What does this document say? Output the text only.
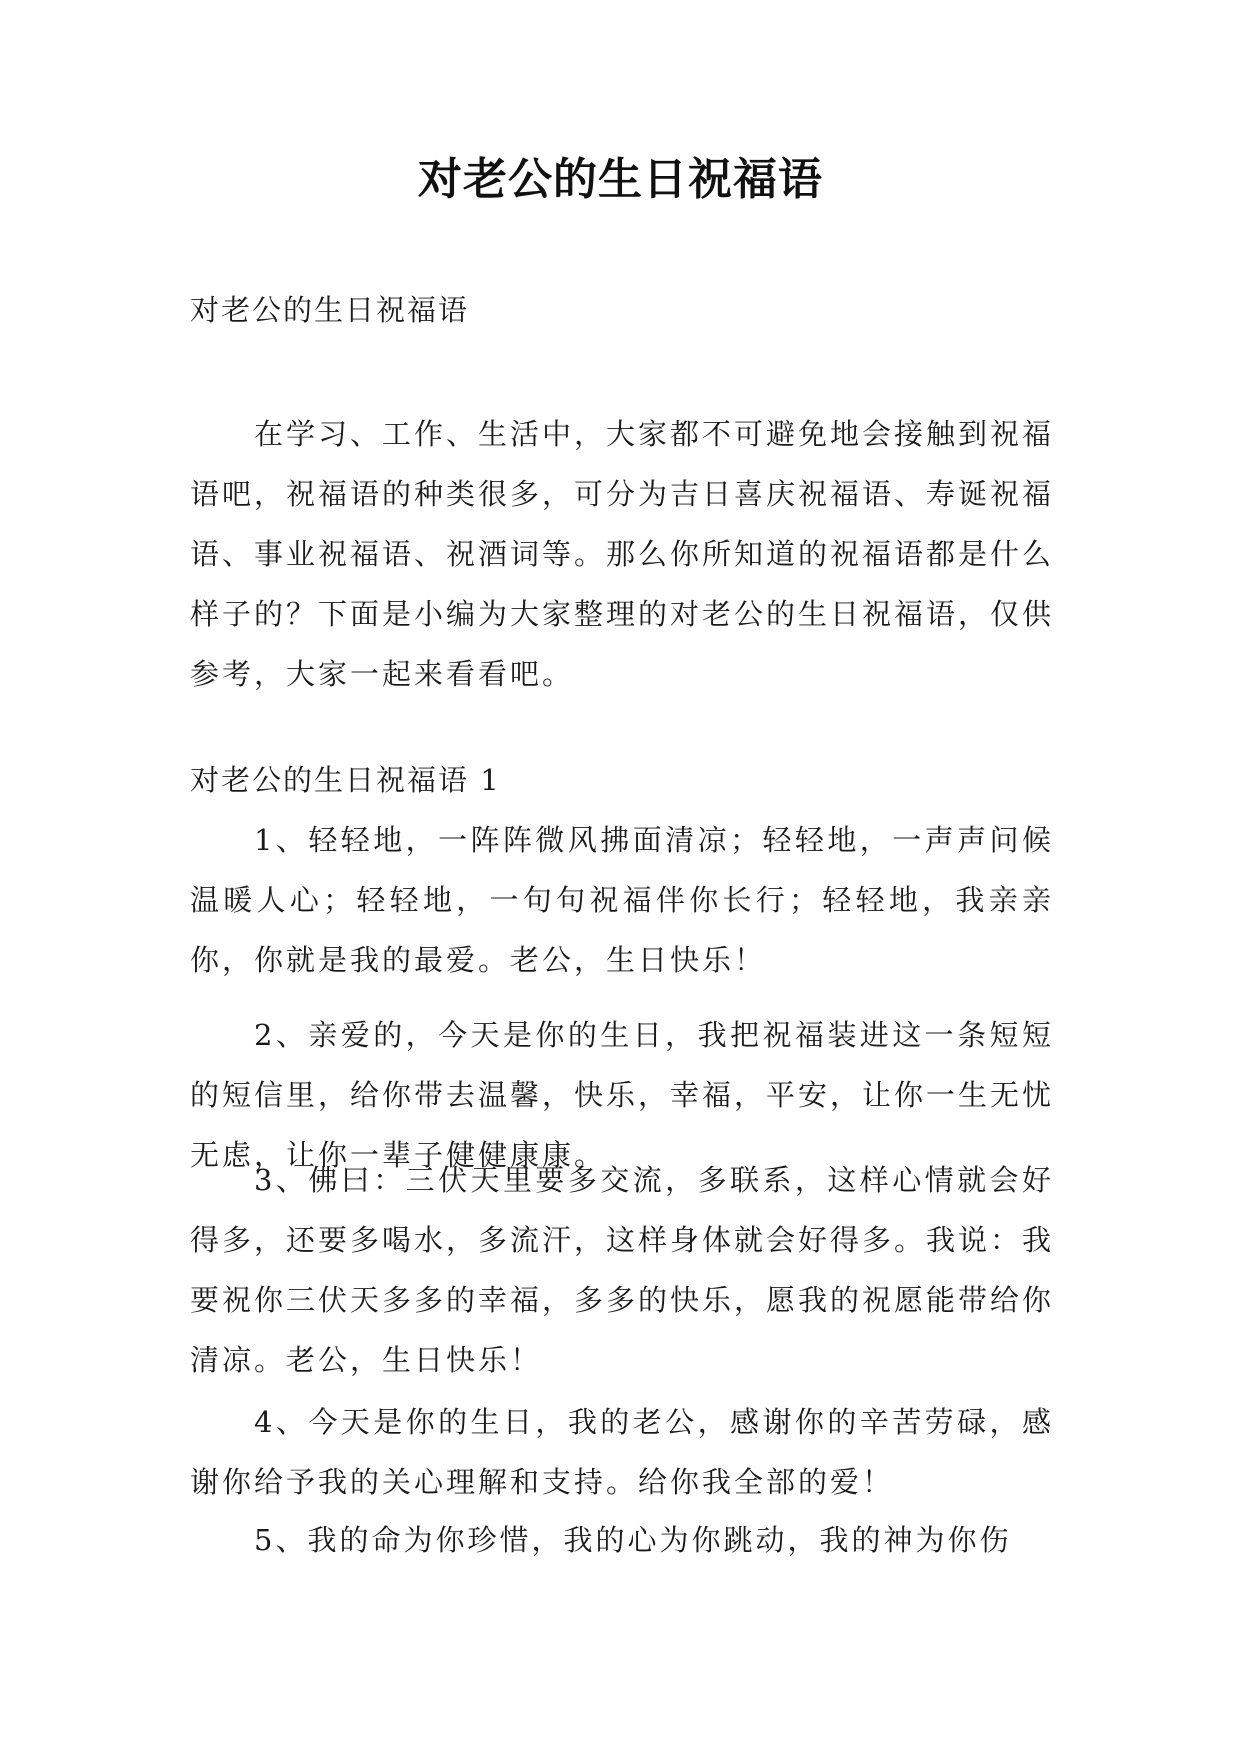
对老公的生日祝福语
对老公的生日祝福语

在学习、工作、生活中，大家都不可避免地会接触到祝福语吧，祝福语的种类很多，可分为吉日喜庆祝福语、寿诞祝福语、事业祝福语、祝酒词等。那么你所知道的祝福语都是什么样子的？下面是小编为大家整理的对老公的生日祝福语，仅供参考，大家一起来看看吧。

对老公的生日祝福语 1

1、轻轻地，一阵阵微风拂面清凉；轻轻地，一声声问候温暖人心；轻轻地，一句句祝福伴你长行；轻轻地，我亲亲你，你就是我的最爱。老公，生日快乐！

2、亲爱的，今天是你的生日，我把祝福装进这一条短短的短信里，给你带去温馨，快乐，幸福，平安，让你一生无忧无虑，让你一辈子健健康康。

3、佛曰：三伏天里要多交流，多联系，这样心情就会好得多，还要多喝水，多流汗，这样身体就会好得多。我说：我要祝你三伏天多多的幸福，多多的快乐，愿我的祝愿能带给你清凉。老公，生日快乐！

4、今天是你的生日，我的老公，感谢你的辛苦劳碌，感谢你给予我的关心理解和支持。给你我全部的爱！

5、我的命为你珍惜，我的心为你跳动，我的神为你伤
